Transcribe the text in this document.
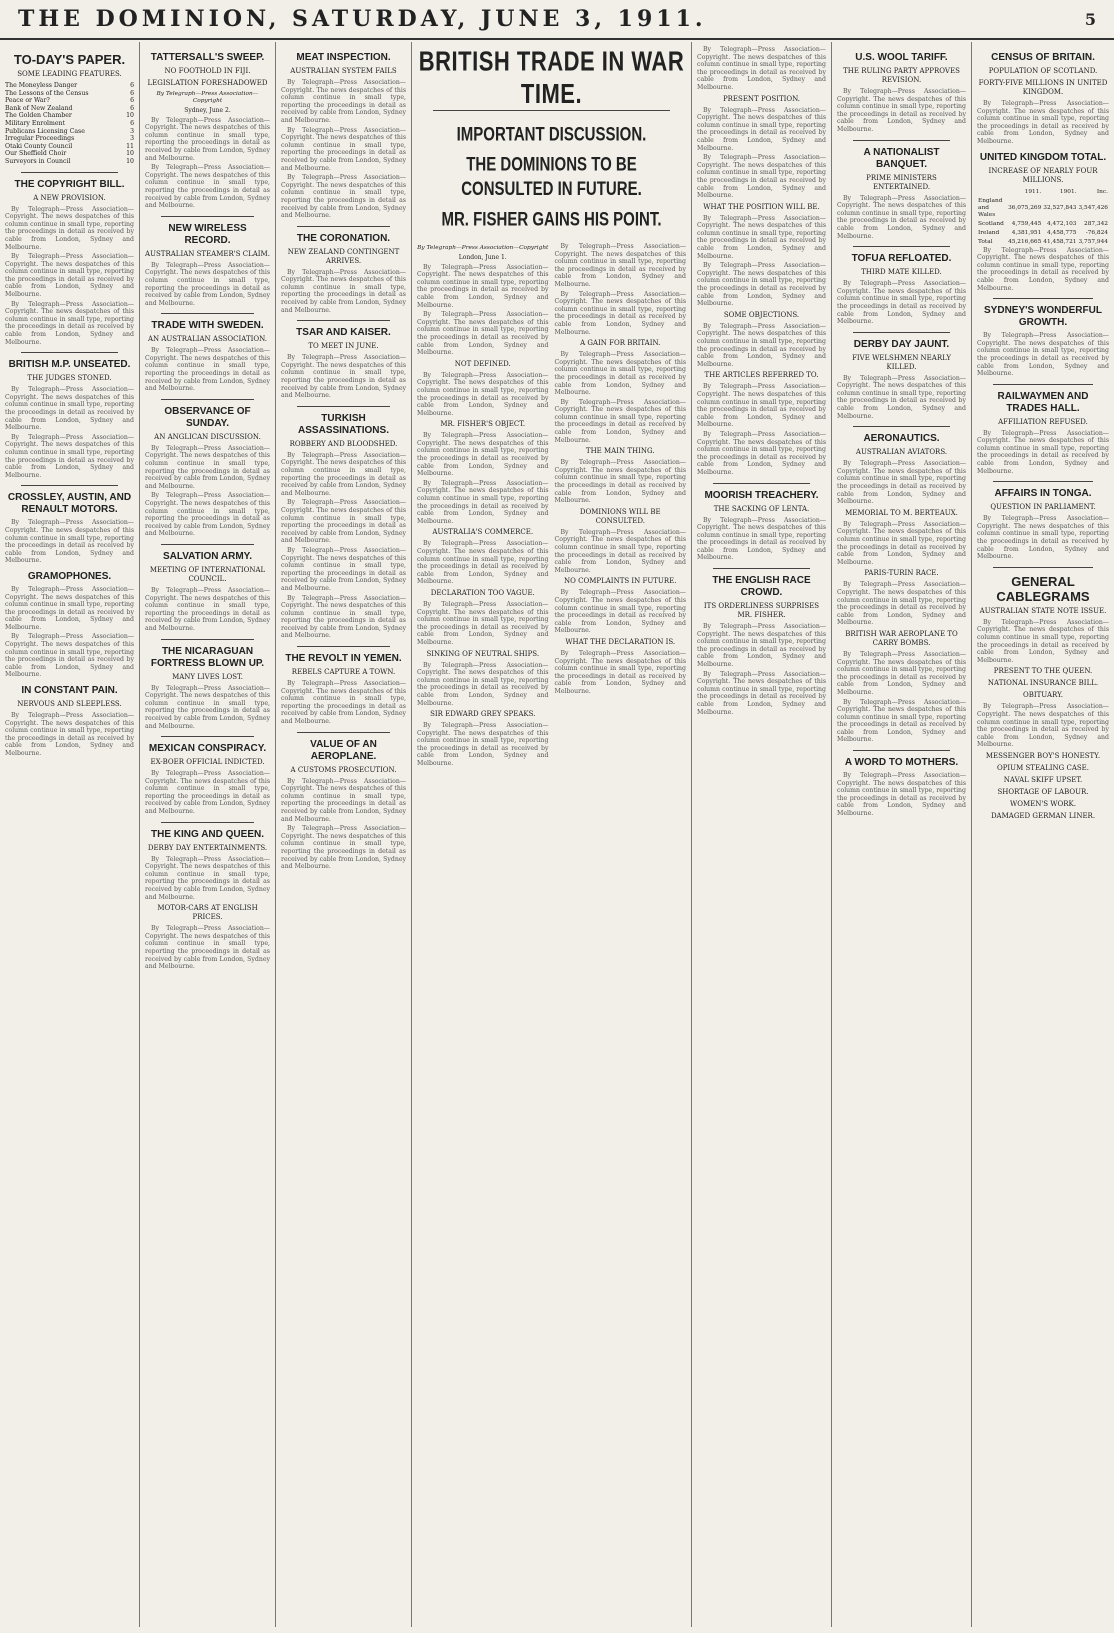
THE DOMINION, SATURDAY, JUNE 3, 1911.	5
TO-DAY'S PAPER.
SOME LEADING FEATURES.
The Moneyless Danger	6
The Lessons of the Census	6
Peace or War?	6
Bank of New Zealand	6
The Golden Chamber	10
Military Enrolment	6
Publicans Licensing Case	3
Irregular Proceedings	3
Otaki County Council	11
Our Sheffield Choir	10
Surveyors in Council	10
THE COPYRIGHT BILL.
A NEW PROVISION.

By Telegraph—Press Association—Copyright. The news despatches of this column continue in small type, reporting the proceedings in detail as received by cable from London, Sydney and Melbourne.

By Telegraph—Press Association—Copyright. The news despatches of this column continue in small type, reporting the proceedings in detail as received by cable from London, Sydney and Melbourne.

By Telegraph—Press Association—Copyright. The news despatches of this column continue in small type, reporting the proceedings in detail as received by cable from London, Sydney and Melbourne.

BRITISH M.P. UNSEATED.
THE JUDGES STONED.

By Telegraph—Press Association—Copyright. The news despatches of this column continue in small type, reporting the proceedings in detail as received by cable from London, Sydney and Melbourne.

By Telegraph—Press Association—Copyright. The news despatches of this column continue in small type, reporting the proceedings in detail as received by cable from London, Sydney and Melbourne.

CROSSLEY, AUSTIN, AND RENAULT MOTORS.

By Telegraph—Press Association—Copyright. The news despatches of this column continue in small type, reporting the proceedings in detail as received by cable from London, Sydney and Melbourne.

GRAMOPHONES.

By Telegraph—Press Association—Copyright. The news despatches of this column continue in small type, reporting the proceedings in detail as received by cable from London, Sydney and Melbourne.

By Telegraph—Press Association—Copyright. The news despatches of this column continue in small type, reporting the proceedings in detail as received by cable from London, Sydney and Melbourne.

IN CONSTANT PAIN.
NERVOUS AND SLEEPLESS.

By Telegraph—Press Association—Copyright. The news despatches of this column continue in small type, reporting the proceedings in detail as received by cable from London, Sydney and Melbourne.

TATTERSALL'S SWEEP.
NO FOOTHOLD IN FIJI.
LEGISLATION FORESHADOWED
By Telegraph—Press Association—Copyright
Sydney, June 2.

By Telegraph—Press Association—Copyright. The news despatches of this column continue in small type, reporting the proceedings in detail as received by cable from London, Sydney and Melbourne.

By Telegraph—Press Association—Copyright. The news despatches of this column continue in small type, reporting the proceedings in detail as received by cable from London, Sydney and Melbourne.

NEW WIRELESS RECORD.
AUSTRALIAN STEAMER'S CLAIM.

By Telegraph—Press Association—Copyright. The news despatches of this column continue in small type, reporting the proceedings in detail as received by cable from London, Sydney and Melbourne.

TRADE WITH SWEDEN.
AN AUSTRALIAN ASSOCIATION.

By Telegraph—Press Association—Copyright. The news despatches of this column continue in small type, reporting the proceedings in detail as received by cable from London, Sydney and Melbourne.

OBSERVANCE OF SUNDAY.
AN ANGLICAN DISCUSSION.

By Telegraph—Press Association—Copyright. The news despatches of this column continue in small type, reporting the proceedings in detail as received by cable from London, Sydney and Melbourne.

By Telegraph—Press Association—Copyright. The news despatches of this column continue in small type, reporting the proceedings in detail as received by cable from London, Sydney and Melbourne.

SALVATION ARMY.
MEETING OF INTERNATIONAL COUNCIL.

By Telegraph—Press Association—Copyright. The news despatches of this column continue in small type, reporting the proceedings in detail as received by cable from London, Sydney and Melbourne.

THE NICARAGUAN FORTRESS BLOWN UP.
MANY LIVES LOST.

By Telegraph—Press Association—Copyright. The news despatches of this column continue in small type, reporting the proceedings in detail as received by cable from London, Sydney and Melbourne.

MEXICAN CONSPIRACY.
EX-BOER OFFICIAL INDICTED.

By Telegraph—Press Association—Copyright. The news despatches of this column continue in small type, reporting the proceedings in detail as received by cable from London, Sydney and Melbourne.

THE KING AND QUEEN.
DERBY DAY ENTERTAINMENTS.

By Telegraph—Press Association—Copyright. The news despatches of this column continue in small type, reporting the proceedings in detail as received by cable from London, Sydney and Melbourne.

MOTOR-CARS AT ENGLISH PRICES.

By Telegraph—Press Association—Copyright. The news despatches of this column continue in small type, reporting the proceedings in detail as received by cable from London, Sydney and Melbourne.

MEAT INSPECTION.
AUSTRALIAN SYSTEM FAILS

By Telegraph—Press Association—Copyright. The news despatches of this column continue in small type, reporting the proceedings in detail as received by cable from London, Sydney and Melbourne.

By Telegraph—Press Association—Copyright. The news despatches of this column continue in small type, reporting the proceedings in detail as received by cable from London, Sydney and Melbourne.

By Telegraph—Press Association—Copyright. The news despatches of this column continue in small type, reporting the proceedings in detail as received by cable from London, Sydney and Melbourne.

THE CORONATION.
NEW ZEALAND CONTINGENT ARRIVES.

By Telegraph—Press Association—Copyright. The news despatches of this column continue in small type, reporting the proceedings in detail as received by cable from London, Sydney and Melbourne.

TSAR AND KAISER.
TO MEET IN JUNE.

By Telegraph—Press Association—Copyright. The news despatches of this column continue in small type, reporting the proceedings in detail as received by cable from London, Sydney and Melbourne.

TURKISH ASSASSINATIONS.
ROBBERY AND BLOODSHED.

By Telegraph—Press Association—Copyright. The news despatches of this column continue in small type, reporting the proceedings in detail as received by cable from London, Sydney and Melbourne.

By Telegraph—Press Association—Copyright. The news despatches of this column continue in small type, reporting the proceedings in detail as received by cable from London, Sydney and Melbourne.

By Telegraph—Press Association—Copyright. The news despatches of this column continue in small type, reporting the proceedings in detail as received by cable from London, Sydney and Melbourne.

By Telegraph—Press Association—Copyright. The news despatches of this column continue in small type, reporting the proceedings in detail as received by cable from London, Sydney and Melbourne.

THE REVOLT IN YEMEN.
REBELS CAPTURE A TOWN.

By Telegraph—Press Association—Copyright. The news despatches of this column continue in small type, reporting the proceedings in detail as received by cable from London, Sydney and Melbourne.

VALUE OF AN AEROPLANE.
A CUSTOMS PROSECUTION.

By Telegraph—Press Association—Copyright. The news despatches of this column continue in small type, reporting the proceedings in detail as received by cable from London, Sydney and Melbourne.

By Telegraph—Press Association—Copyright. The news despatches of this column continue in small type, reporting the proceedings in detail as received by cable from London, Sydney and Melbourne.

BRITISH TRADE IN WAR TIME.
IMPORTANT DISCUSSION.
THE DOMINIONS TO BE CONSULTED IN FUTURE.
MR. FISHER GAINS HIS POINT.
By Telegraph—Press Association—Copyright
London, June 1.

By Telegraph—Press Association—Copyright. The news despatches of this column continue in small type, reporting the proceedings in detail as received by cable from London, Sydney and Melbourne.

By Telegraph—Press Association—Copyright. The news despatches of this column continue in small type, reporting the proceedings in detail as received by cable from London, Sydney and Melbourne.

NOT DEFINED.

By Telegraph—Press Association—Copyright. The news despatches of this column continue in small type, reporting the proceedings in detail as received by cable from London, Sydney and Melbourne.

MR. FISHER'S OBJECT.

By Telegraph—Press Association—Copyright. The news despatches of this column continue in small type, reporting the proceedings in detail as received by cable from London, Sydney and Melbourne.

By Telegraph—Press Association—Copyright. The news despatches of this column continue in small type, reporting the proceedings in detail as received by cable from London, Sydney and Melbourne.

AUSTRALIA'S COMMERCE.

By Telegraph—Press Association—Copyright. The news despatches of this column continue in small type, reporting the proceedings in detail as received by cable from London, Sydney and Melbourne.

DECLARATION TOO VAGUE.

By Telegraph—Press Association—Copyright. The news despatches of this column continue in small type, reporting the proceedings in detail as received by cable from London, Sydney and Melbourne.

SINKING OF NEUTRAL SHIPS.

By Telegraph—Press Association—Copyright. The news despatches of this column continue in small type, reporting the proceedings in detail as received by cable from London, Sydney and Melbourne.

SIR EDWARD GREY SPEAKS.

By Telegraph—Press Association—Copyright. The news despatches of this column continue in small type, reporting the proceedings in detail as received by cable from London, Sydney and Melbourne.

By Telegraph—Press Association—Copyright. The news despatches of this column continue in small type, reporting the proceedings in detail as received by cable from London, Sydney and Melbourne.

By Telegraph—Press Association—Copyright. The news despatches of this column continue in small type, reporting the proceedings in detail as received by cable from London, Sydney and Melbourne.

A GAIN FOR BRITAIN.

By Telegraph—Press Association—Copyright. The news despatches of this column continue in small type, reporting the proceedings in detail as received by cable from London, Sydney and Melbourne.

By Telegraph—Press Association—Copyright. The news despatches of this column continue in small type, reporting the proceedings in detail as received by cable from London, Sydney and Melbourne.

THE MAIN THING.

By Telegraph—Press Association—Copyright. The news despatches of this column continue in small type, reporting the proceedings in detail as received by cable from London, Sydney and Melbourne.

DOMINIONS WILL BE CONSULTED.

By Telegraph—Press Association—Copyright. The news despatches of this column continue in small type, reporting the proceedings in detail as received by cable from London, Sydney and Melbourne.

NO COMPLAINTS IN FUTURE.

By Telegraph—Press Association—Copyright. The news despatches of this column continue in small type, reporting the proceedings in detail as received by cable from London, Sydney and Melbourne.

WHAT THE DECLARATION IS.

By Telegraph—Press Association—Copyright. The news despatches of this column continue in small type, reporting the proceedings in detail as received by cable from London, Sydney and Melbourne.

By Telegraph—Press Association—Copyright. The news despatches of this column continue in small type, reporting the proceedings in detail as received by cable from London, Sydney and Melbourne.

PRESENT POSITION.

By Telegraph—Press Association—Copyright. The news despatches of this column continue in small type, reporting the proceedings in detail as received by cable from London, Sydney and Melbourne.

By Telegraph—Press Association—Copyright. The news despatches of this column continue in small type, reporting the proceedings in detail as received by cable from London, Sydney and Melbourne.

WHAT THE POSITION WILL BE.

By Telegraph—Press Association—Copyright. The news despatches of this column continue in small type, reporting the proceedings in detail as received by cable from London, Sydney and Melbourne.

By Telegraph—Press Association—Copyright. The news despatches of this column continue in small type, reporting the proceedings in detail as received by cable from London, Sydney and Melbourne.

SOME OBJECTIONS.

By Telegraph—Press Association—Copyright. The news despatches of this column continue in small type, reporting the proceedings in detail as received by cable from London, Sydney and Melbourne.

THE ARTICLES REFERRED TO.

By Telegraph—Press Association—Copyright. The news despatches of this column continue in small type, reporting the proceedings in detail as received by cable from London, Sydney and Melbourne.

By Telegraph—Press Association—Copyright. The news despatches of this column continue in small type, reporting the proceedings in detail as received by cable from London, Sydney and Melbourne.

MOORISH TREACHERY.
THE SACKING OF LENTA.

By Telegraph—Press Association—Copyright. The news despatches of this column continue in small type, reporting the proceedings in detail as received by cable from London, Sydney and Melbourne.

THE ENGLISH RACE CROWD.
ITS ORDERLINESS SURPRISES MR. FISHER.

By Telegraph—Press Association—Copyright. The news despatches of this column continue in small type, reporting the proceedings in detail as received by cable from London, Sydney and Melbourne.

By Telegraph—Press Association—Copyright. The news despatches of this column continue in small type, reporting the proceedings in detail as received by cable from London, Sydney and Melbourne.

U.S. WOOL TARIFF.
THE RULING PARTY APPROVES REVISION.

By Telegraph—Press Association—Copyright. The news despatches of this column continue in small type, reporting the proceedings in detail as received by cable from London, Sydney and Melbourne.

A NATIONALIST BANQUET.
PRIME MINISTERS ENTERTAINED.

By Telegraph—Press Association—Copyright. The news despatches of this column continue in small type, reporting the proceedings in detail as received by cable from London, Sydney and Melbourne.

TOFUA REFLOATED.
THIRD MATE KILLED.

By Telegraph—Press Association—Copyright. The news despatches of this column continue in small type, reporting the proceedings in detail as received by cable from London, Sydney and Melbourne.

DERBY DAY JAUNT.
FIVE WELSHMEN NEARLY KILLED.

By Telegraph—Press Association—Copyright. The news despatches of this column continue in small type, reporting the proceedings in detail as received by cable from London, Sydney and Melbourne.

AERONAUTICS.
AUSTRALIAN AVIATORS.

By Telegraph—Press Association—Copyright. The news despatches of this column continue in small type, reporting the proceedings in detail as received by cable from London, Sydney and Melbourne.

MEMORIAL TO M. BERTEAUX.

By Telegraph—Press Association—Copyright. The news despatches of this column continue in small type, reporting the proceedings in detail as received by cable from London, Sydney and Melbourne.

PARIS-TURIN RACE.

By Telegraph—Press Association—Copyright. The news despatches of this column continue in small type, reporting the proceedings in detail as received by cable from London, Sydney and Melbourne.

BRITISH WAR AEROPLANE TO CARRY BOMBS.

By Telegraph—Press Association—Copyright. The news despatches of this column continue in small type, reporting the proceedings in detail as received by cable from London, Sydney and Melbourne.

By Telegraph—Press Association—Copyright. The news despatches of this column continue in small type, reporting the proceedings in detail as received by cable from London, Sydney and Melbourne.

A WORD TO MOTHERS.

By Telegraph—Press Association—Copyright. The news despatches of this column continue in small type, reporting the proceedings in detail as received by cable from London, Sydney and Melbourne.

CENSUS OF BRITAIN.
POPULATION OF SCOTLAND.
FORTY-FIVE MILLIONS IN UNITED KINGDOM.

By Telegraph—Press Association—Copyright. The news despatches of this column continue in small type, reporting the proceedings in detail as received by cable from London, Sydney and Melbourne.

UNITED KINGDOM TOTAL.
INCREASE OF NEARLY FOUR MILLIONS.
	1911.	1901.	Inc.
England and Wales	36,075,269	32,527,843	3,547,426
Scotland	4,759,445	4,472,103	287,342
Ireland	4,381,951	4,458,775	-76,824
Total	45,216,665	41,458,721	3,757,944

By Telegraph—Press Association—Copyright. The news despatches of this column continue in small type, reporting the proceedings in detail as received by cable from London, Sydney and Melbourne.

SYDNEY'S WONDERFUL GROWTH.

By Telegraph—Press Association—Copyright. The news despatches of this column continue in small type, reporting the proceedings in detail as received by cable from London, Sydney and Melbourne.

RAILWAYMEN AND TRADES HALL.
AFFILIATION REFUSED.

By Telegraph—Press Association—Copyright. The news despatches of this column continue in small type, reporting the proceedings in detail as received by cable from London, Sydney and Melbourne.

AFFAIRS IN TONGA.
QUESTION IN PARLIAMENT.

By Telegraph—Press Association—Copyright. The news despatches of this column continue in small type, reporting the proceedings in detail as received by cable from London, Sydney and Melbourne.

GENERAL CABLEGRAMS
AUSTRALIAN STATE NOTE ISSUE.

By Telegraph—Press Association—Copyright. The news despatches of this column continue in small type, reporting the proceedings in detail as received by cable from London, Sydney and Melbourne.

PRESENT TO THE QUEEN.
NATIONAL INSURANCE BILL.
OBITUARY.

By Telegraph—Press Association—Copyright. The news despatches of this column continue in small type, reporting the proceedings in detail as received by cable from London, Sydney and Melbourne.

MESSENGER BOY'S HONESTY.
OPIUM STEALING CASE.
NAVAL SKIFF UPSET.
SHORTAGE OF LABOUR.
WOMEN'S WORK.
DAMAGED GERMAN LINER.
